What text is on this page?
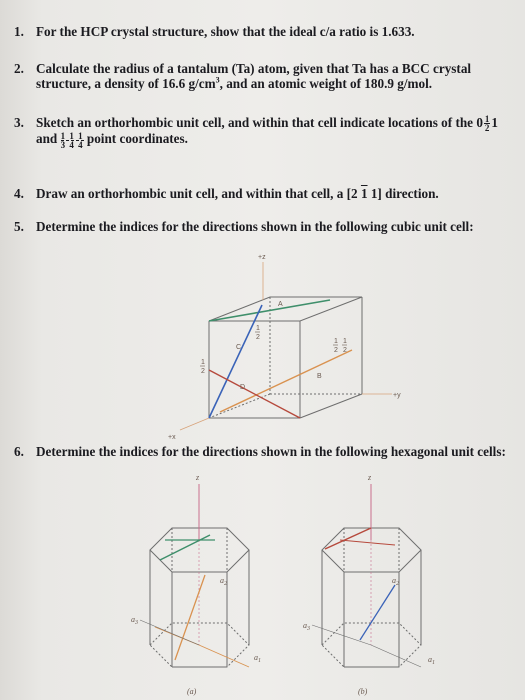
1. For the HCP crystal structure, show that the ideal c/a ratio is 1.633.
2. Calculate the radius of a tantalum (Ta) atom, given that Ta has a BCC crystal
structure, a density of 16.6 $g/cm^3$, and an atomic weight of 180.9 g/mol.
3. Sketch an orthorhombic unit cell, and within that cell indicate locations of the $0 \frac{1}{2} 1$
and $\frac{1 1 1}{3 4 4}$ point coordinates.
4. Draw an orthorhombic unit cell, and within that cell, a [2 1 1] direction.
5. Determine the indices for the directions shown in the following cubic unit cell:
+z
+y
+x
A
B
C
D
1
2
1
2
1
2
1
2
6. Determine the indices for the directions shown in the following hexagonal unit cells:
z
$a_2$
$a_3$
$a_1$
(a)
z
$a_2$
$a_3$
$a_1$
(b)
